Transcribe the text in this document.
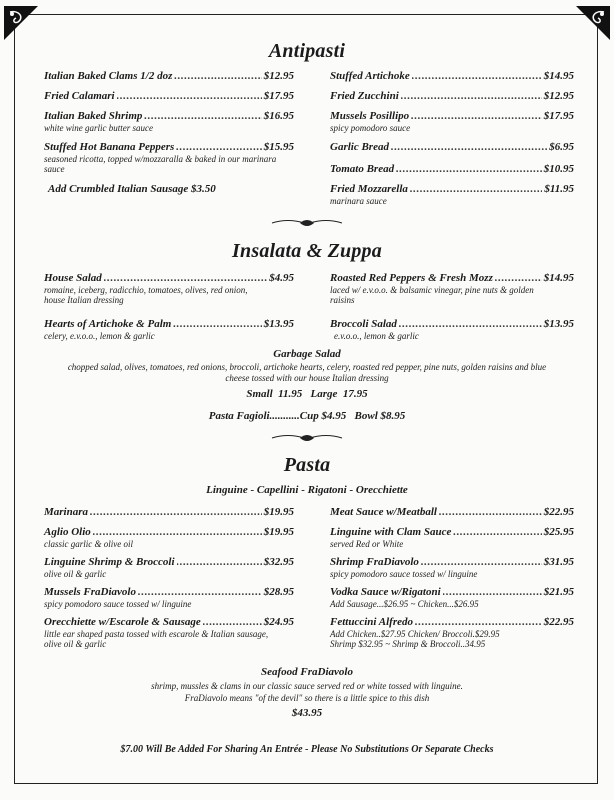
Antipasti
Italian Baked Clams 1/2 doz .....	$12.95
Fried Calamari .....	$17.95
Italian Baked Shrimp .....	$16.95
white wine garlic butter sauce
Stuffed Hot Banana Peppers .....	$15.95
seasoned ricotta, topped w/mozzaralla & baked in our marinara sauce
Add Crumbled Italian Sausage $3.50
Stuffed Artichoke .....	$14.95
Fried Zucchini .....	$12.95
Mussels Posillipo .....	$17.95
spicy pomodoro sauce
Garlic Bread .....	$6.95
Tomato Bread .....	$10.95
Fried Mozzarella .....	$11.95
marinara sauce
Insalata & Zuppa
House Salad .....	$4.95
romaine, iceberg, radicchio, tomatoes, olives, red onion, house Italian dressing
Hearts of Artichoke & Palm .....	$13.95
celery, e.v.o.o., lemon & garlic
Roasted Red Peppers & Fresh Mozz .....	$14.95
laced w/ e.v.o.o. & balsamic vinegar, pine nuts & golden raisins
Broccoli Salad .....	$13.95
e.v.o.o., lemon & garlic
Garbage Salad
chopped salad, olives, tomatoes, red onions, broccoli, artichoke hearts, celery, roasted red pepper, pine nuts, golden raisins and blue
cheese tossed with our house Italian dressing
Small  11.95   Large  17.95
Pasta Fagioli...........Cup $4.95   Bowl $8.95
Pasta
Linguine - Capellini - Rigatoni - Orecchiette
Marinara .....	$19.95
Aglio Olio .....	$19.95
classic garlic & olive oil
Linguine Shrimp & Broccoli .....	$32.95
olive oil & garlic
Mussels FraDiavolo .....	$28.95
spicy pomodoro sauce tossed w/ linguine
Orecchiette w/Escarole & Sausage .....	$24.95
little ear shaped pasta tossed with escarole & Italian sausage, olive oil & garlic
Meat Sauce w/Meatball .....	$22.95
Linguine with Clam Sauce .....	$25.95
served Red or White
Shrimp FraDiavolo .....	$31.95
spicy pomodoro sauce tossed w/ linguine
Vodka Sauce w/Rigatoni .....	$21.95
Add Sausage...$26.95 ~ Chicken...$26.95
Fettuccini Alfredo .....	$22.95
Add Chicken..$27.95 Chicken/ Broccoli.$29.95
Shrimp $32.95 ~ Shrimp & Broccoli..34.95
Seafood FraDiavolo
shrimp, mussles & clams in our classic sauce served red or white tossed with linguine.
FraDiavolo means "of the devil" so there is a little spice to this dish
$43.95
$7.00 Will Be Added For Sharing An Entrée - Please No Substitutions Or Separate Checks
